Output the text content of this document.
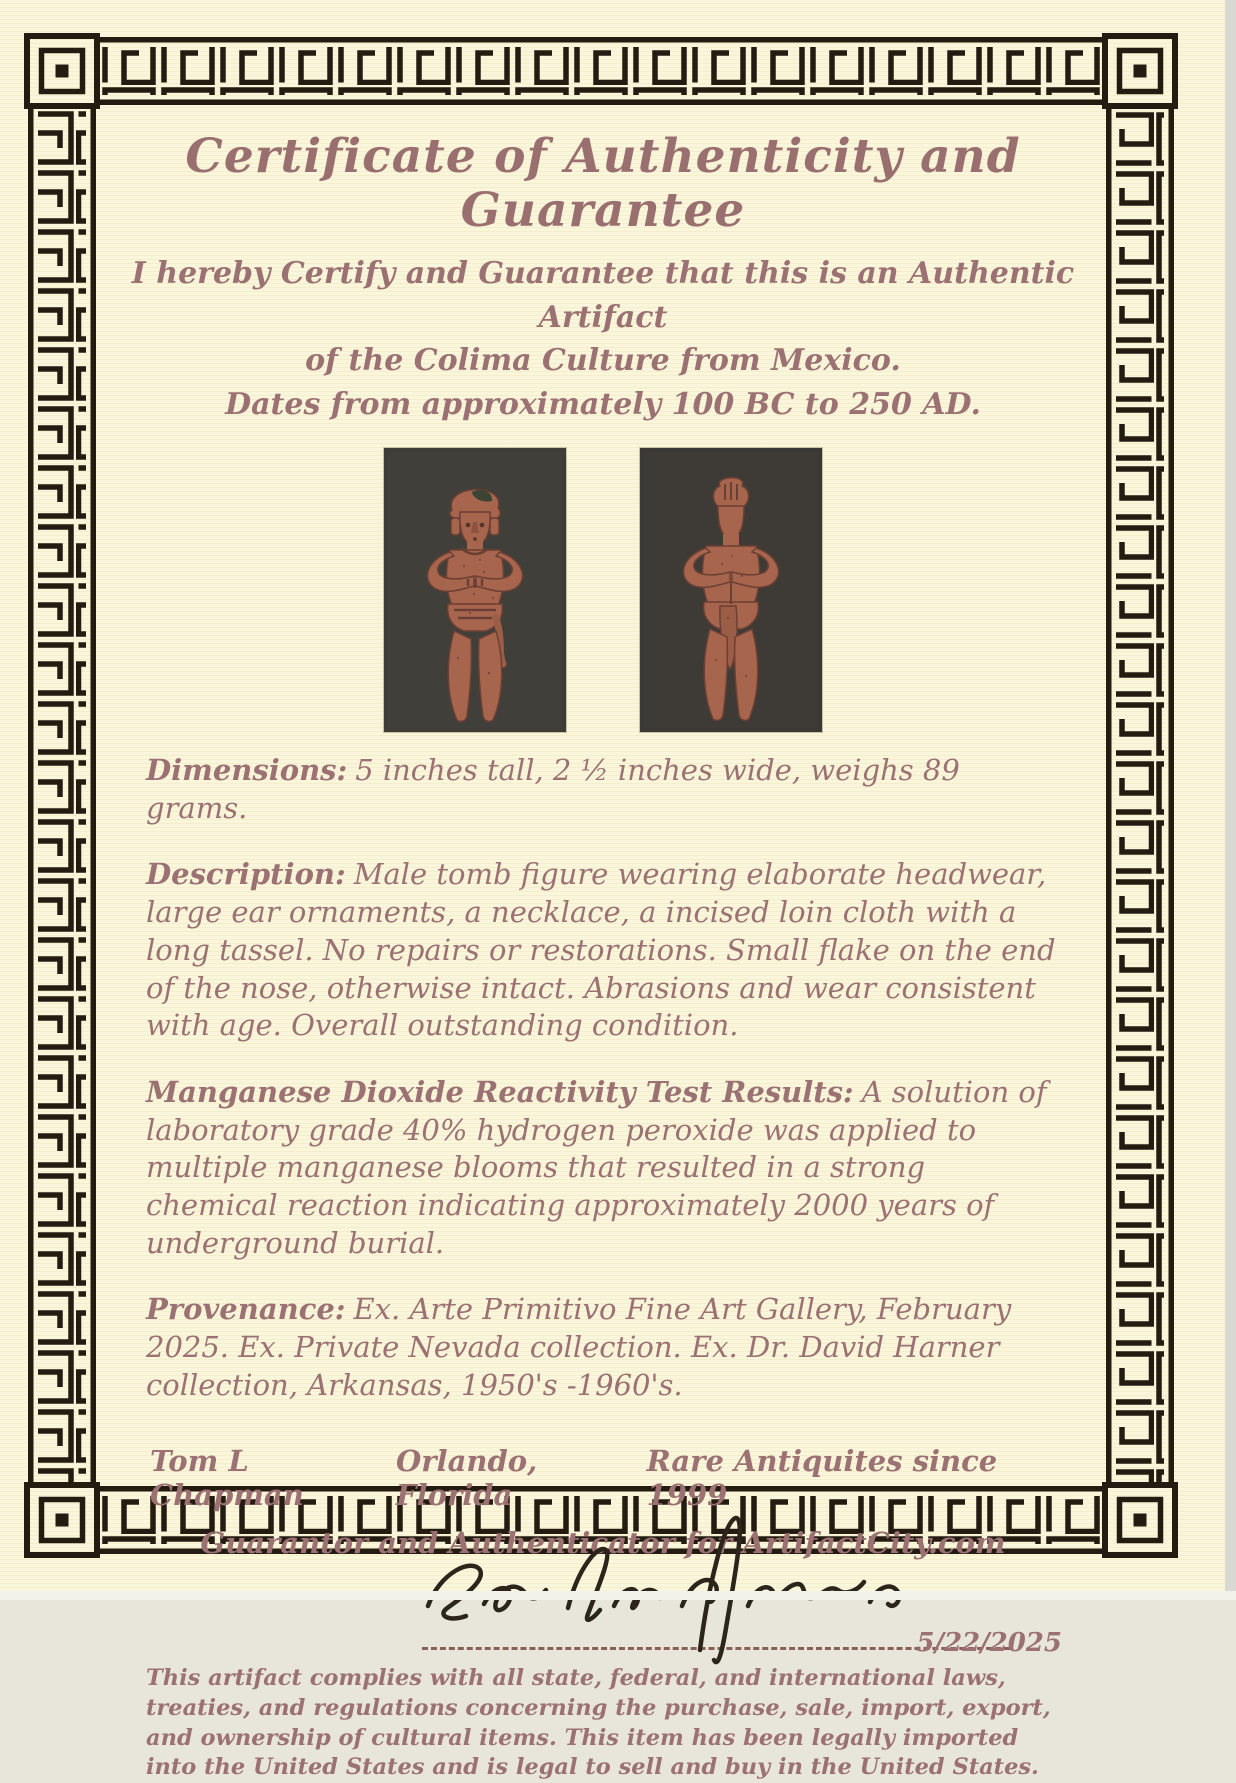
Certificate of Authenticity and Guarantee
I hereby Certify and Guarantee that this is an Authentic Artifact
of the Colima Culture from Mexico.
Dates from approximately 100 BC to 250 AD.

Dimensions: 5 inches tall, 2 ½ inches wide, weighs 89 grams.

Description: Male tomb figure wearing elaborate headwear, large ear ornaments, a necklace, a incised loin cloth with a long tassel. No repairs or restorations. Small flake on the end of the nose, otherwise intact. Abrasions and wear consistent with age. Overall outstanding condition.

Manganese Dioxide Reactivity Test Results: A solution of laboratory grade 40% hydrogen peroxide was applied to multiple manganese blooms that resulted in a strong chemical reaction indicating approximately 2000 years of underground burial.

Provenance: Ex. Arte Primitivo Fine Art Gallery, February 2025. Ex. Private Nevada collection. Ex. Dr. David Harner collection, Arkansas, 1950's -1960's.

Tom L Chapman
Orlando, Florida
Rare Antiquites since 1999
Guarantor and Authenticator for ArtifactCity.com
5/22/2025

This artifact complies with all state, federal, and international laws, treaties, and regulations concerning the purchase, sale, import, export, and ownership of cultural items. This item has been legally imported into the United States and is legal to sell and buy in the United States.
